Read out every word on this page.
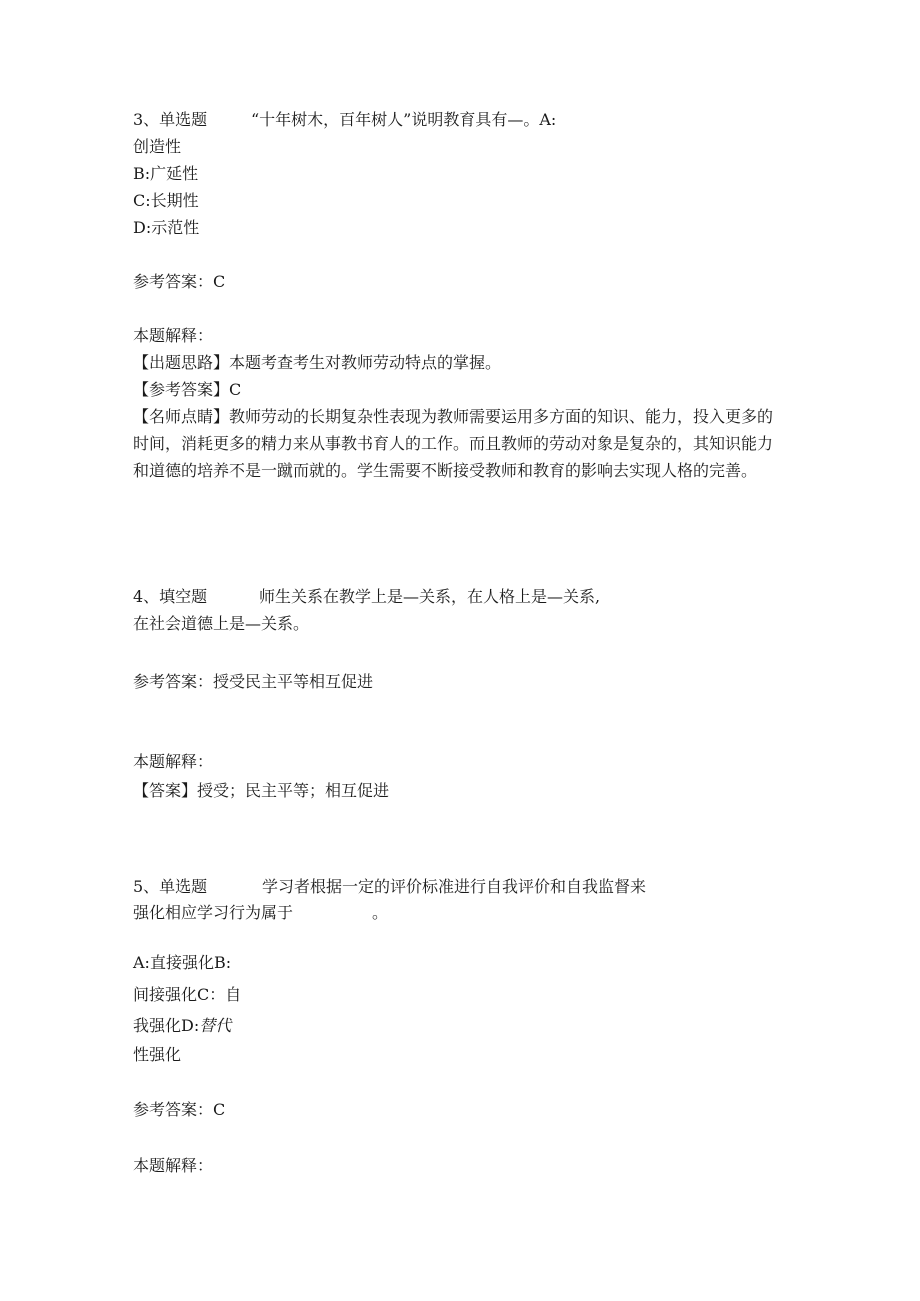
3、单选题	“十年树木，百年树人”说明教育具有—。A:
创造性
B:广延性
C:长期性
D:示范性
参考答案：C
本题解释：
【出题思路】本题考查考生对教师劳动特点的掌握。
【参考答案】C
【名师点睛】教师劳动的长期复杂性表现为教师需要运用多方面的知识、能力，投入更多的时间，消耗更多的精力来从事教书育人的工作。而且教师的劳动对象是复杂的，其知识能力和道德的培养不是一蹴而就的。学生需要不断接受教师和教育的影响去实现人格的完善。
4、填空题	师生关系在教学上是—关系，在人格上是—关系,
在社会道德上是—关系。
参考答案：授受民主平等相互促进
本题解释：
【答案】授受；民主平等；相互促进
5、单选题	学习者根据一定的评价标准进行自我评价和自我监督来
强化相应学习行为属于	。
A:直接强化B:
间接强化C：自
我强化D:替代
性强化
参考答案：C
本题解释：
